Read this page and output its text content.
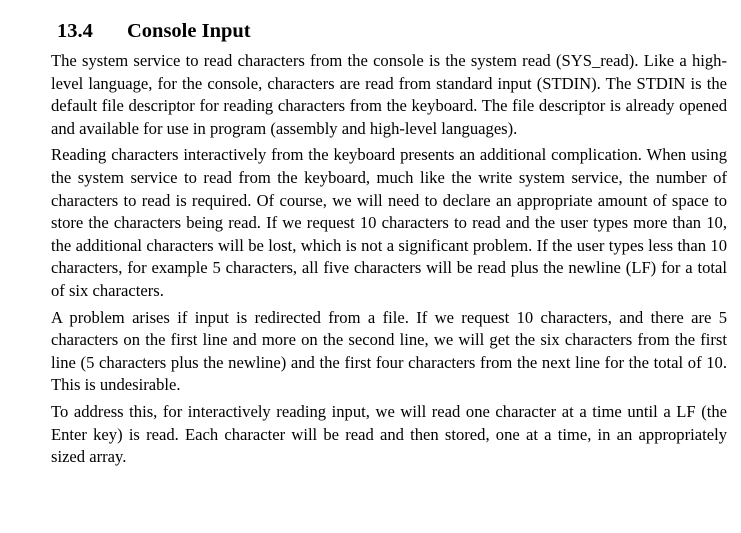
13.4 Console Input

The system service to read characters from the console is the system read (SYS_read). Like a high-level language, for the console, characters are read from standard input (STDIN). The STDIN is the default file descriptor for reading characters from the keyboard. The file descriptor is already opened and available for use in program (assembly and high-level languages).

Reading characters interactively from the keyboard presents an additional complication. When using the system service to read from the keyboard, much like the write system service, the number of characters to read is required. Of course, we will need to declare an appropriate amount of space to store the characters being read. If we request 10 characters to read and the user types more than 10, the additional characters will be lost, which is not a significant problem. If the user types less than 10 characters, for example 5 characters, all five characters will be read plus the newline (LF) for a total of six characters.

A problem arises if input is redirected from a file. If we request 10 characters, and there are 5 characters on the first line and more on the second line, we will get the six characters from the first line (5 characters plus the newline) and the first four characters from the next line for the total of 10. This is undesirable.

To address this, for interactively reading input, we will read one character at a time until a LF (the Enter key) is read. Each character will be read and then stored, one at a time, in an appropriately sized array.
